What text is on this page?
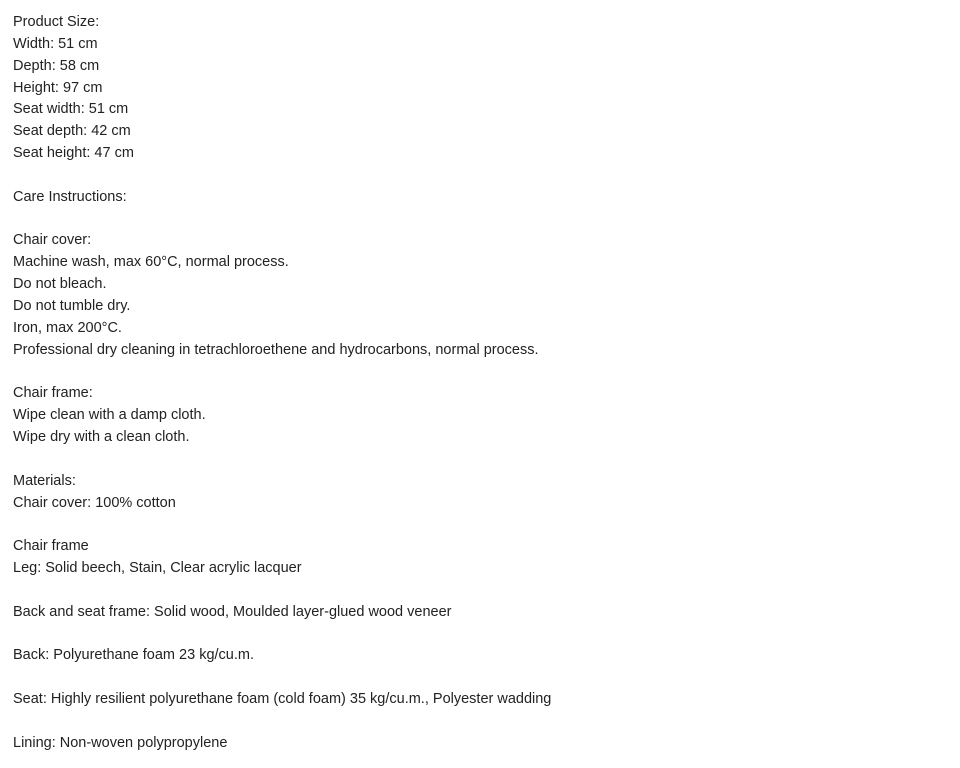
Product Size:
Width: 51 cm
Depth: 58 cm
Height: 97 cm
Seat width: 51 cm
Seat depth: 42 cm
Seat height: 47 cm
Care Instructions:
Chair cover:
Machine wash, max 60°C, normal process.
Do not bleach.
Do not tumble dry.
Iron, max 200°C.
Professional dry cleaning in tetrachloroethene and hydrocarbons, normal process.
Chair frame:
Wipe clean with a damp cloth.
Wipe dry with a clean cloth.
Materials:
Chair cover: 100% cotton
Chair frame
Leg: Solid beech, Stain, Clear acrylic lacquer
Back and seat frame: Solid wood, Moulded layer-glued wood veneer
Back: Polyurethane foam 23 kg/cu.m.
Seat: Highly resilient polyurethane foam (cold foam) 35 kg/cu.m., Polyester wadding
Lining: Non-woven polypropylene
